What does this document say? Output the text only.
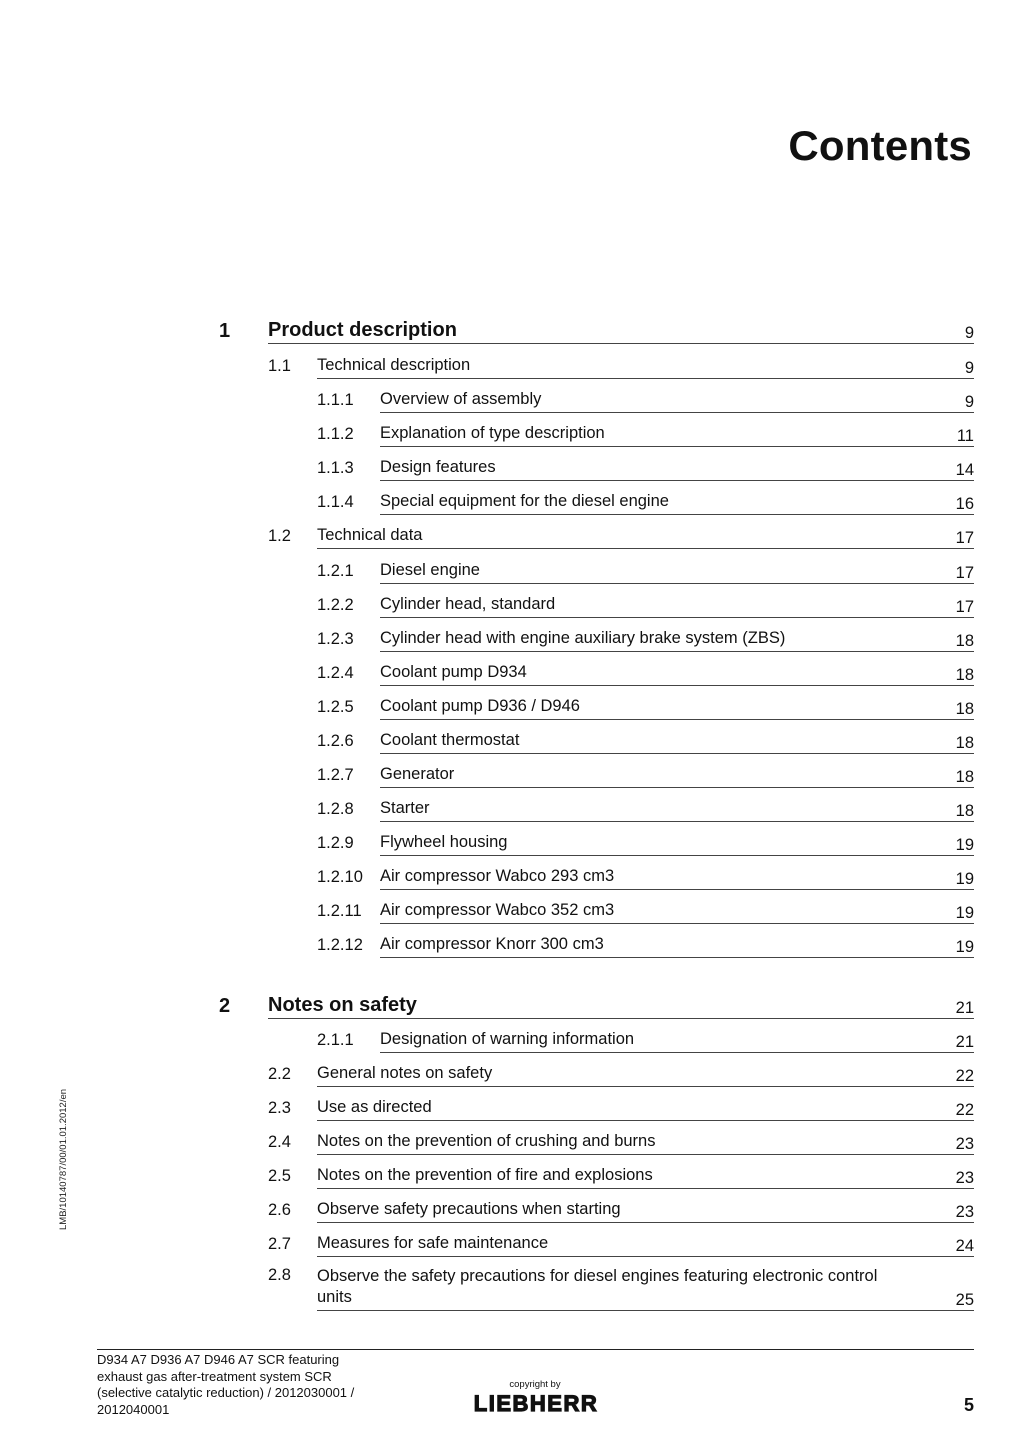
Contents
1 Product description	9
1.1 Technical description	9
1.1.1 Overview of assembly	9
1.1.2 Explanation of type description	11
1.1.3 Design features	14
1.1.4 Special equipment for the diesel engine	16
1.2 Technical data	17
1.2.1 Diesel engine	17
1.2.2 Cylinder head, standard	17
1.2.3 Cylinder head with engine auxiliary brake system (ZBS)	18
1.2.4 Coolant pump D934	18
1.2.5 Coolant pump D936 / D946	18
1.2.6 Coolant thermostat	18
1.2.7 Generator	18
1.2.8 Starter	18
1.2.9 Flywheel housing	19
1.2.10 Air compressor Wabco 293 cm3	19
1.2.11 Air compressor Wabco 352 cm3	19
1.2.12 Air compressor Knorr 300 cm3	19
2 Notes on safety	21
2.1.1 Designation of warning information	21
2.2 General notes on safety	22
2.3 Use as directed	22
2.4 Notes on the prevention of crushing and burns	23
2.5 Notes on the prevention of fire and explosions	23
2.6 Observe safety precautions when starting	23
2.7 Measures for safe maintenance	24
2.8 Observe the safety precautions for diesel engines featuring electronic control units	25
LMB/10140787/00/01.01.2012/en
D934 A7 D936 A7 D946 A7 SCR featuring
exhaust gas after-treatment system SCR
(selective catalytic reduction) / 2012030001 /
2012040001
copyright by
LIEBHERR	5
